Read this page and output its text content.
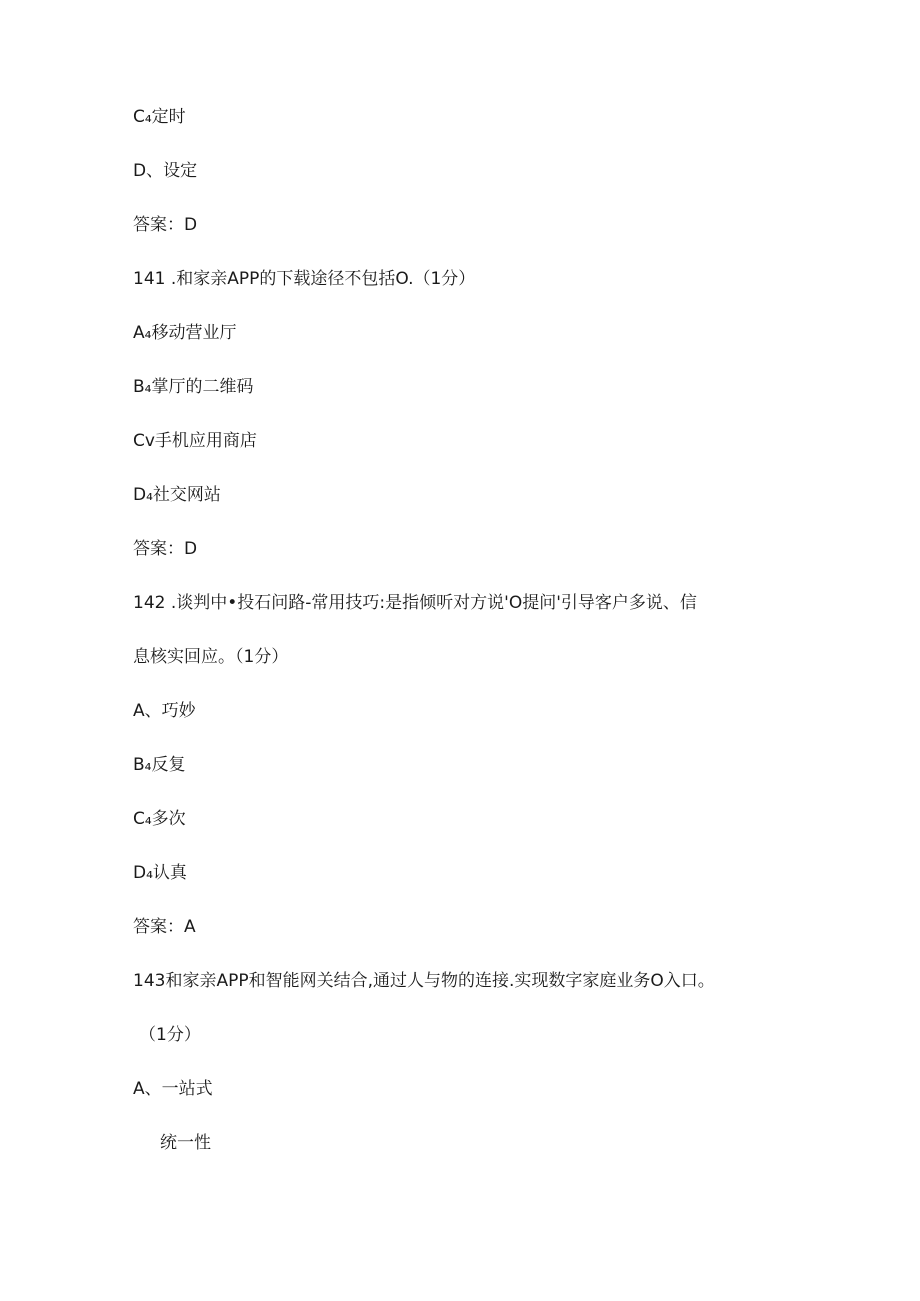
C₄定时
D、设定
答案：D
141 .和家亲APP的下载途径不包括O.（1分）
A₄移动营业厅
B₄掌厅的二维码
Cv手机应用商店
D₄社交网站
答案：D
142 .谈判中•投石问路-常用技巧:是指倾听对方说'O提问'引导客户多说、信
息核实回应。（1分）
A、巧妙
B₄反复
C₄多次
D₄认真
答案：A
143和家亲APP和智能网关结合,通过人与物的连接.实现数字家庭业务O入口。
（1分）
A、一站式
统一性
